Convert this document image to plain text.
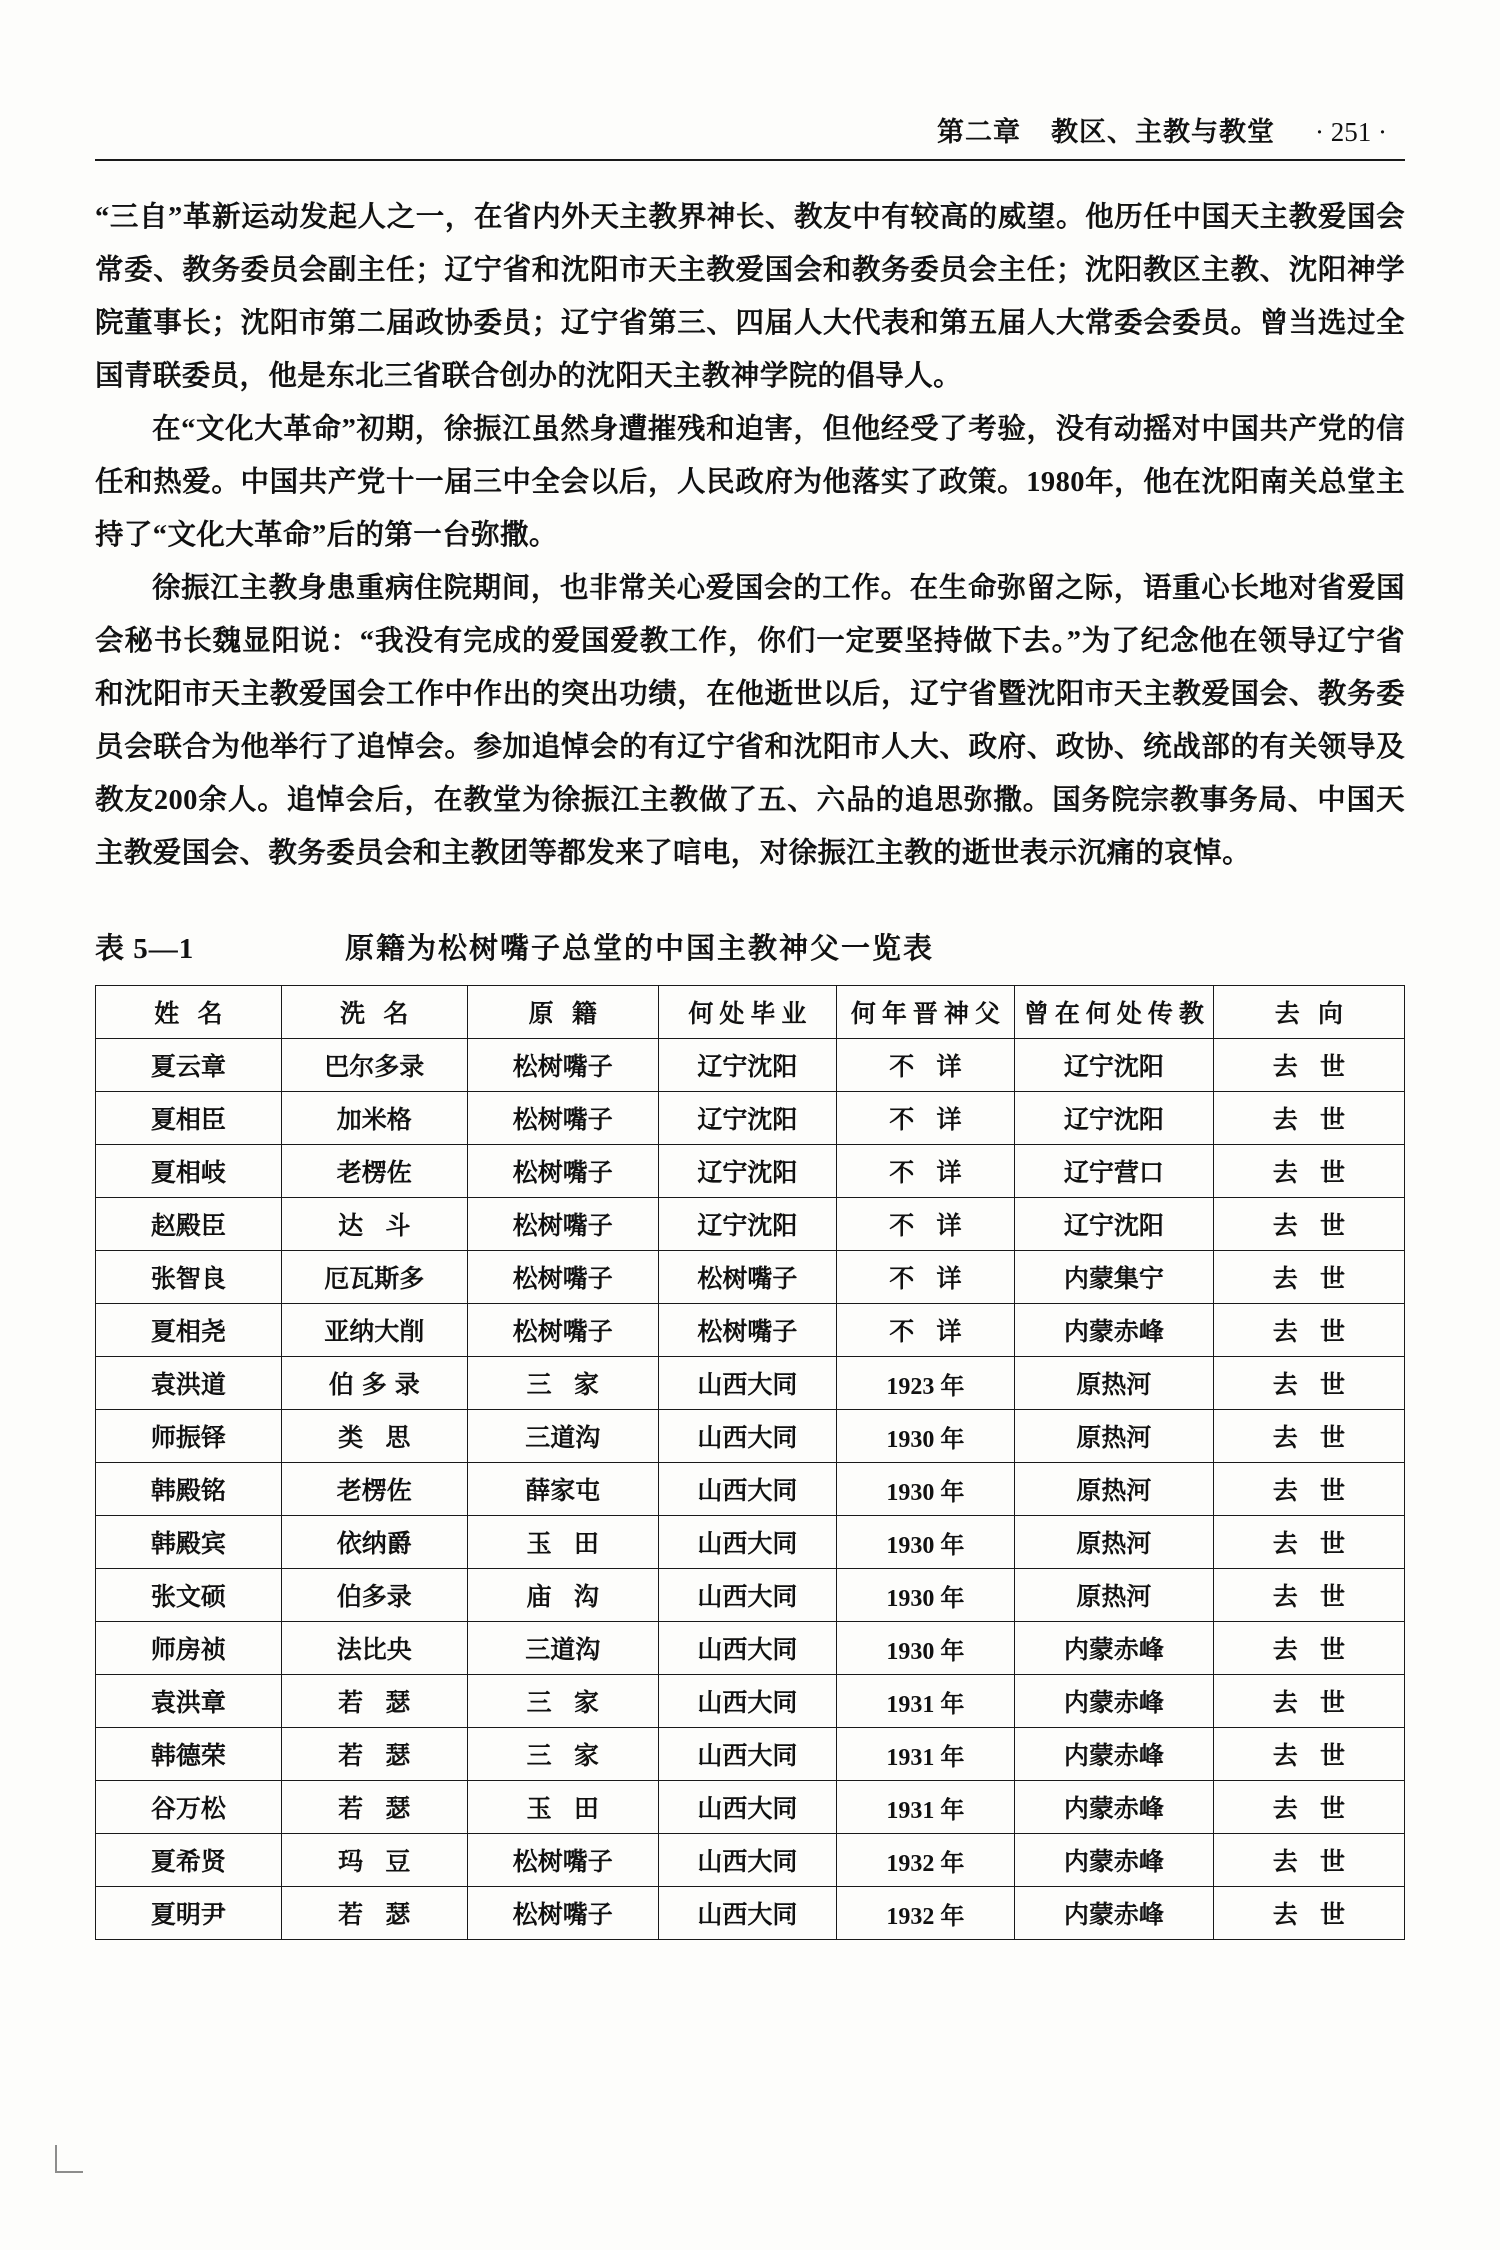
第二章 教区、主教与教堂 · 251 ·

“三自”革新运动发起人之一，在省内外天主教界神长、教友中有较高的威望。他历任中国天主教爱国会常委、教务委员会副主任；辽宁省和沈阳市天主教爱国会和教务委员会主任；沈阳教区主教、沈阳神学院董事长；沈阳市第二届政协委员；辽宁省第三、四届人大代表和第五届人大常委会委员。曾当选过全国青联委员，他是东北三省联合创办的沈阳天主教神学院的倡导人。

在“文化大革命”初期，徐振江虽然身遭摧残和迫害，但他经受了考验，没有动摇对中国共产党的信任和热爱。中国共产党十一届三中全会以后，人民政府为他落实了政策。1980年，他在沈阳南关总堂主持了“文化大革命”后的第一台弥撒。

徐振江主教身患重病住院期间，也非常关心爱国会的工作。在生命弥留之际，语重心长地对省爱国会秘书长魏显阳说：“我没有完成的爱国爱教工作，你们一定要坚持做下去。”为了纪念他在领导辽宁省和沈阳市天主教爱国会工作中作出的突出功绩，在他逝世以后，辽宁省暨沈阳市天主教爱国会、教务委员会联合为他举行了追悼会。参加追悼会的有辽宁省和沈阳市人大、政府、政协、统战部的有关领导及教友200余人。追悼会后，在教堂为徐振江主教做了五、六品的追思弥撒。国务院宗教事务局、中国天主教爱国会、教务委员会和主教团等都发来了唁电，对徐振江主教的逝世表示沉痛的哀悼。

表 5—1	原籍为松树嘴子总堂的中国主教神父一览表
姓 名	洗 名	原 籍	何处毕业	何年晋神父	曾在何处传教	去 向
夏云章	巴尔多录	松树嘴子	辽宁沈阳	不 详	辽宁沈阳	去 世
夏相臣	加米格	松树嘴子	辽宁沈阳	不 详	辽宁沈阳	去 世
夏相岐	老楞佐	松树嘴子	辽宁沈阳	不 详	辽宁营口	去 世
赵殿臣	达 斗	松树嘴子	辽宁沈阳	不 详	辽宁沈阳	去 世
张智良	厄瓦斯多	松树嘴子	松树嘴子	不 详	内蒙集宁	去 世
夏相尧	亚纳大削	松树嘴子	松树嘴子	不 详	内蒙赤峰	去 世
袁洪道	伯多录	三 家	山西大同	1923 年	原热河	去 世
师振铎	类 思	三道沟	山西大同	1930 年	原热河	去 世
韩殿铭	老楞佐	薛家屯	山西大同	1930 年	原热河	去 世
韩殿宾	依纳爵	玉 田	山西大同	1930 年	原热河	去 世
张文硕	伯多录	庙 沟	山西大同	1930 年	原热河	去 世
师房祯	法比央	三道沟	山西大同	1930 年	内蒙赤峰	去 世
袁洪章	若 瑟	三 家	山西大同	1931 年	内蒙赤峰	去 世
韩德荣	若 瑟	三 家	山西大同	1931 年	内蒙赤峰	去 世
谷万松	若 瑟	玉 田	山西大同	1931 年	内蒙赤峰	去 世
夏希贤	玛 豆	松树嘴子	山西大同	1932 年	内蒙赤峰	去 世
夏明尹	若 瑟	松树嘴子	山西大同	1932 年	内蒙赤峰	去 世
